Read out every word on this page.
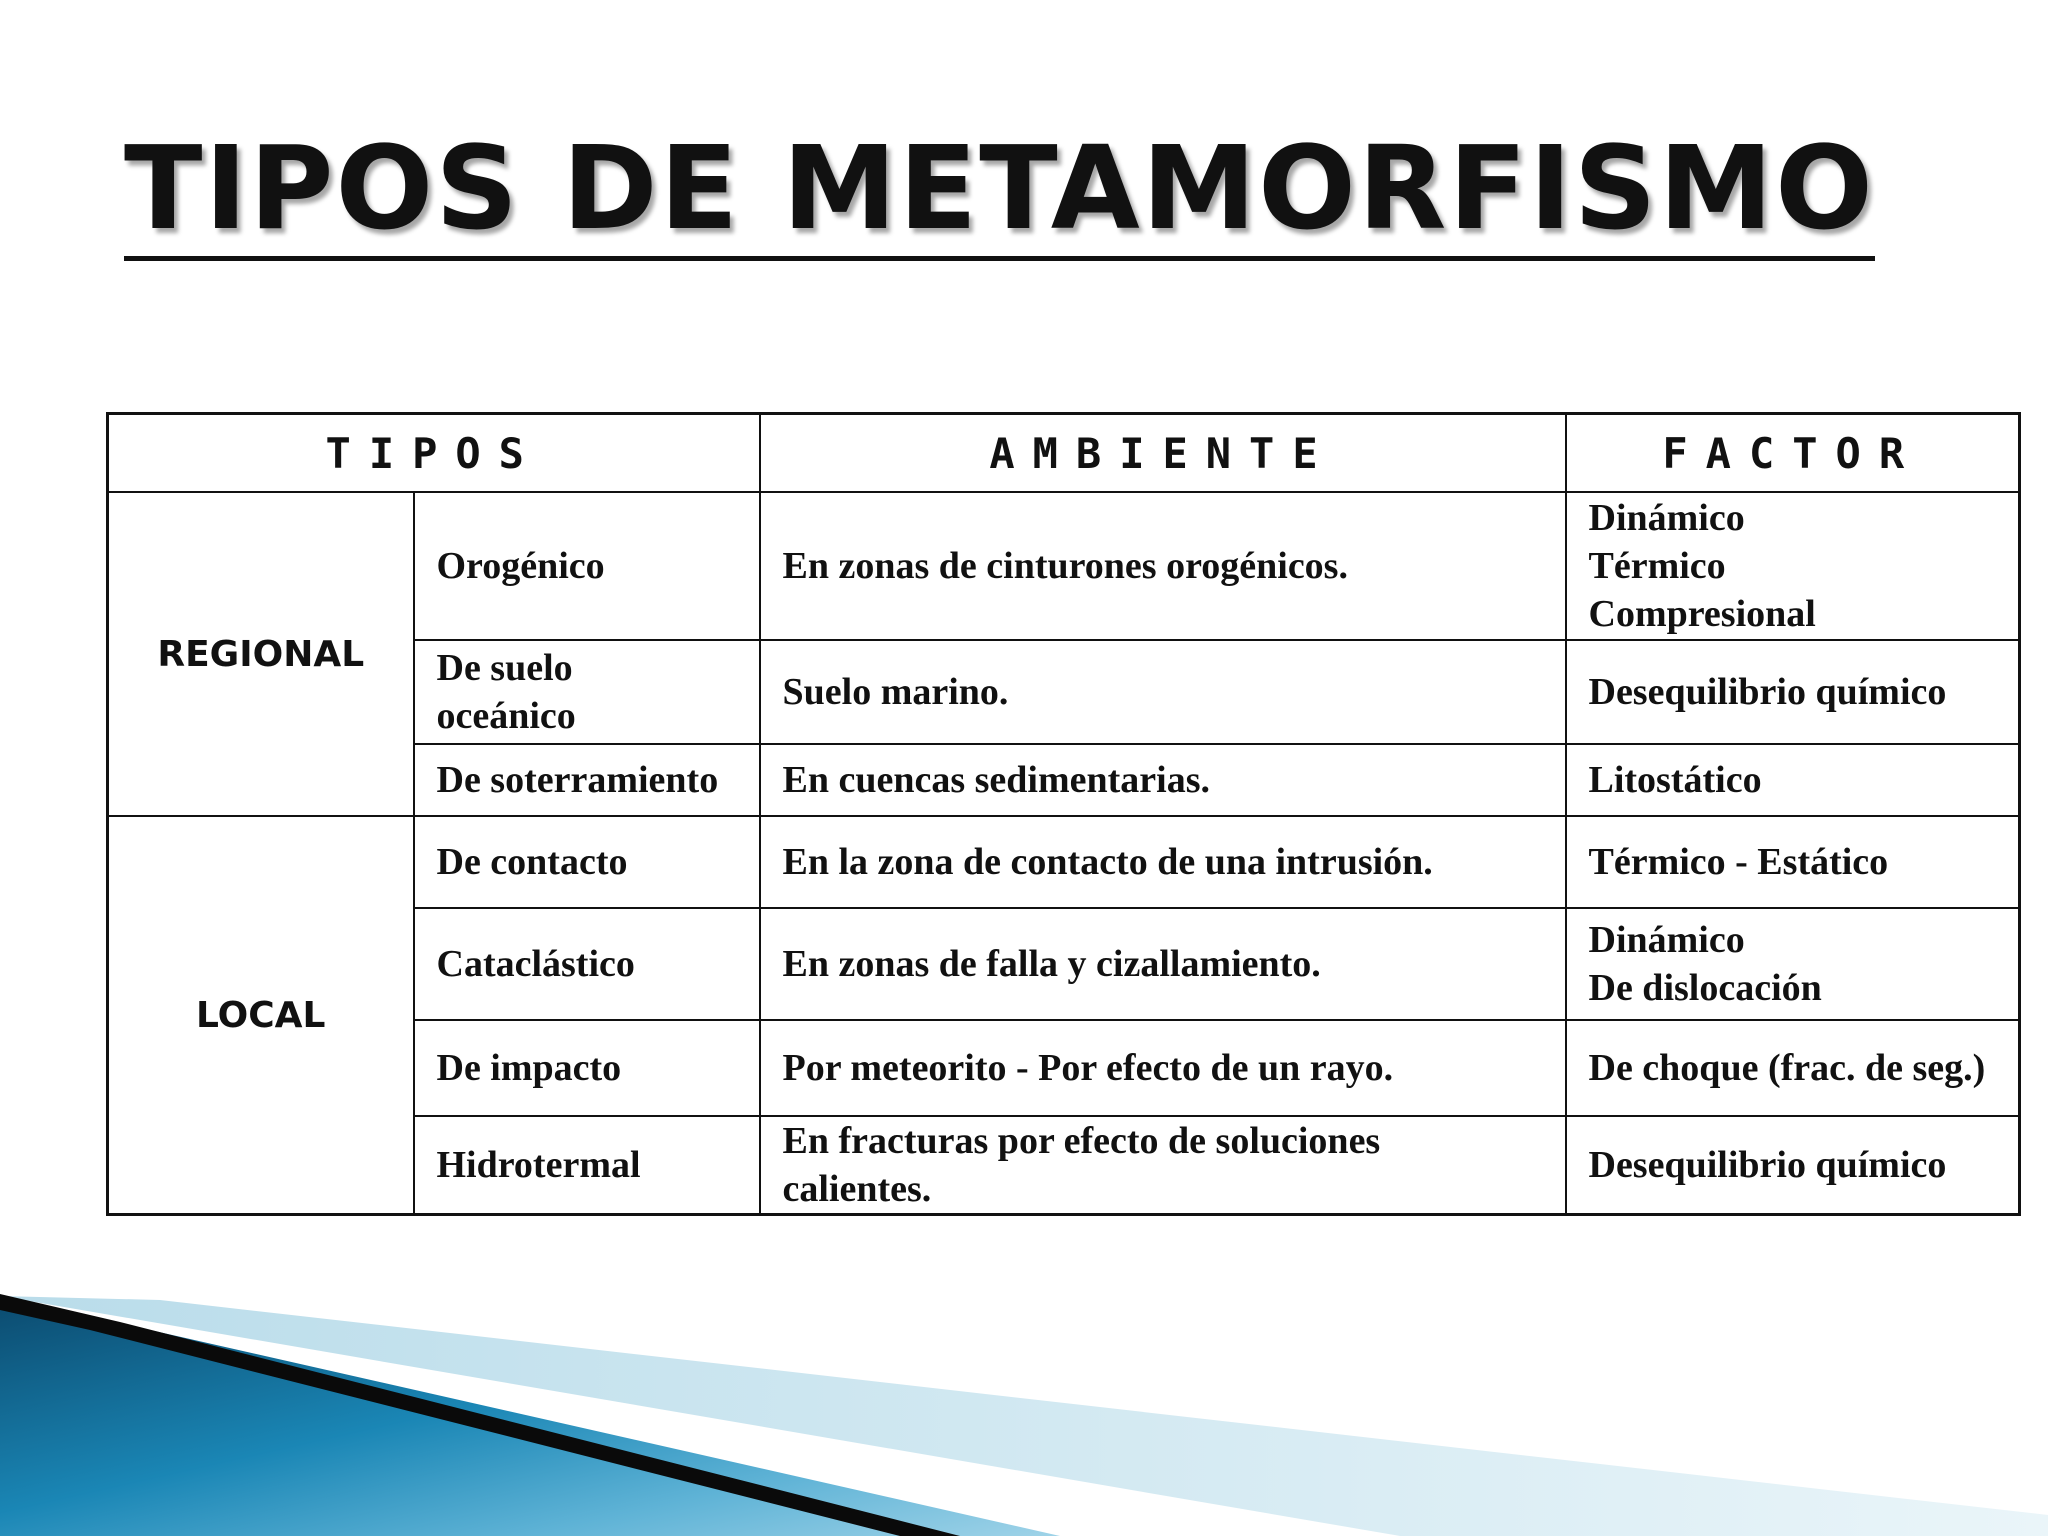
TIPOS DE METAMORFISMO
TIPOS		AMBIENTE	FACTOR
REGIONAL	Orogénico	En zonas de cinturones orogénicos.	Dinámico
Térmico
Compresional

	De suelo
oceánico	Suelo marino.	Desequilibrio químico

	De soterramiento	En cuencas sedimentarias.	Litostático

LOCAL	De contacto	En la zona de contacto de una intrusión.	Térmico - Estático

	Cataclástico	En zonas de falla y cizallamiento.	Dinámico
De dislocación

	De impacto	Por meteorito - Por efecto de un rayo.	De choque (frac. de seg.)

	Hidrotermal	En fracturas por efecto de soluciones
calientes.	Desequilibrio químico
